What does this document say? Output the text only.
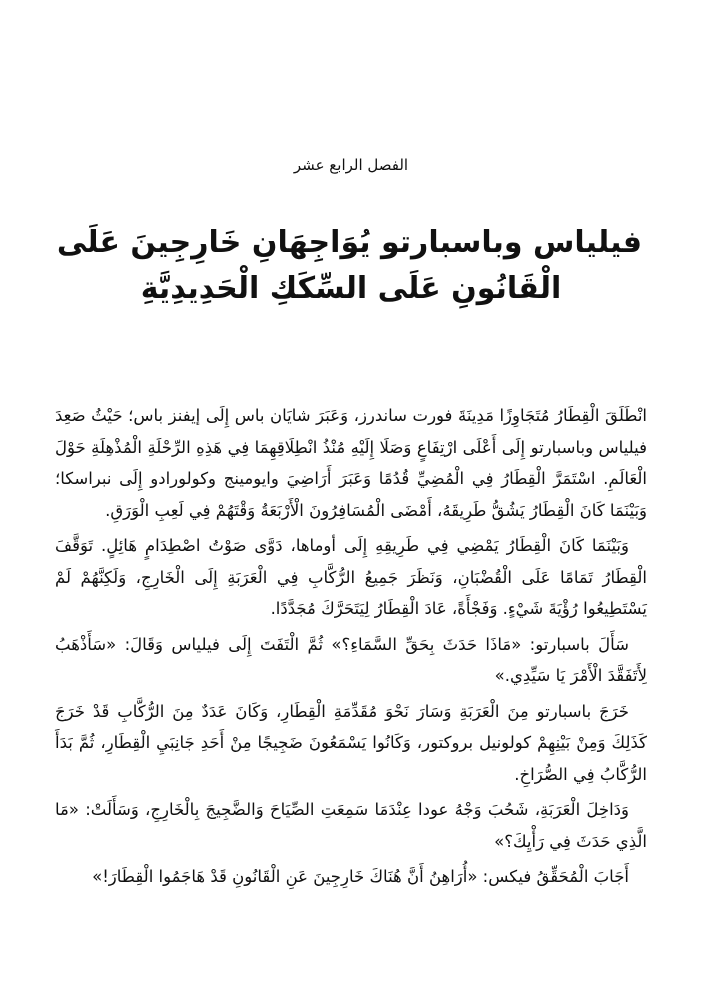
الفصل الرابع عشر
فيلياس وباسبارتو يُوَاجِهَانِ خَارِجِينَ عَلَى
الْقَانُونِ عَلَى السِّكَكِ الْحَدِيدِيَّةِ

انْطَلَقَ الْقِطَارُ مُتَجَاوِزًا مَدِينَةَ فورت ساندرز، وَعَبَرَ شايَان باس إِلَى إيفنز باس؛ حَيْثُ صَعِدَ فيلياس وباسبارتو إِلَى أَعْلَى ارْتِفَاعٍ وَصَلَا إِلَيْهِ مُنْذُ انْطِلَاقِهِمَا فِي هَذِهِ الرِّحْلَةِ الْمُذْهِلَةِ حَوْلَ الْعَالَمِ. اسْتَمَرَّ الْقِطَارُ فِي الْمُضِيِّ قُدُمًا وَعَبَرَ أَرَاضِيَ وايومينج وكولورادو إِلَى نبراسكا؛ وَبَيْنَمَا كَانَ الْقِطَارُ يَشُقُّ طَرِيقَهُ، أَمْضَى الْمُسَافِرُونَ الْأَرْبَعَةُ وَقْتَهُمْ فِي لَعِبِ الْوَرَقِ.

وَبَيْنَمَا كَانَ الْقِطَارُ يَمْضِي فِي طَرِيقِهِ إِلَى أوماها، دَوَّى صَوْتُ اصْطِدَامٍ هَائِلٍ. تَوَقَّفَ الْقِطَارُ تَمَامًا عَلَى الْقُضْبَانِ، وَنَظَرَ جَمِيعُ الرُّكَّابِ فِي الْعَرَبَةِ إِلَى الْخَارِجِ، وَلَكِنَّهُمْ لَمْ يَسْتَطِيعُوا رُؤْيَةَ شَيْءٍ. وَفَجْأَةً، عَادَ الْقِطَارُ لِيَتَحَرَّكَ مُجَدَّدًا.

سَأَلَ باسبارتو: «مَاذَا حَدَثَ بِحَقِّ السَّمَاءِ؟» ثُمَّ الْتَفَتَ إِلَى فيلياس وَقَالَ: «سَأَذْهَبُ لِأَتَفَقَّدَ الْأَمْرَ يَا سَيِّدِي.»

خَرَجَ باسبارتو مِنَ الْعَرَبَةِ وَسَارَ نَحْوَ مُقَدِّمَةِ الْقِطَارِ، وَكَانَ عَدَدٌ مِنَ الرُّكَّابِ قَدْ خَرَجَ كَذَلِكَ وَمِنْ بَيْنِهِمْ كولونيل بروكتور، وَكَانُوا يَسْمَعُونَ ضَجِيجًا مِنْ أَحَدِ جَانِبَيِ الْقِطَارِ، ثُمَّ بَدَأَ الرُّكَّابُ فِي الصُّرَاخِ.

وَدَاخِلَ الْعَرَبَةِ، شَحُبَ وَجْهُ عودا عِنْدَمَا سَمِعَتِ الصِّيَاحَ وَالضَّجِيجَ بِالْخَارِجِ، وَسَأَلَتْ: «مَا الَّذِي حَدَثَ فِي رَأْيِكَ؟»

أَجَابَ الْمُحَقِّقُ فيكس: «أُرَاهِنُ أَنَّ هُنَاكَ خَارِجِينَ عَنِ الْقَانُونِ قَدْ هَاجَمُوا الْقِطَارَ!»
